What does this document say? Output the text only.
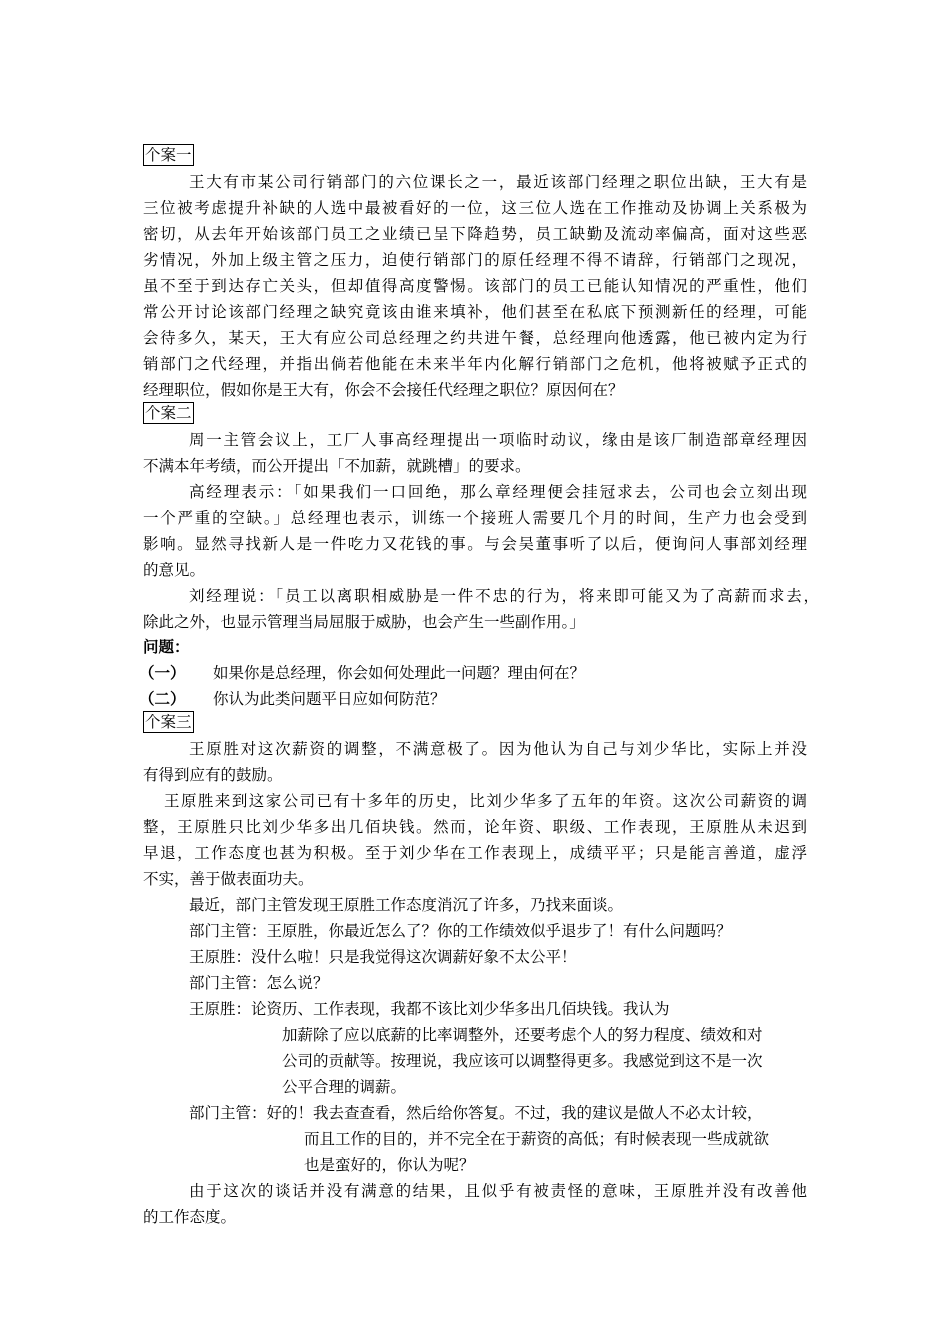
个案一
王大有市某公司行销部门的六位课长之一，最近该部门经理之职位出缺，王大有是
三位被考虑提升补缺的人选中最被看好的一位，这三位人选在工作推动及协调上关系极为
密切，从去年开始该部门员工之业绩已呈下降趋势，员工缺勤及流动率偏高，面对这些恶
劣情况，外加上级主管之压力，迫使行销部门的原任经理不得不请辞，行销部门之现况，
虽不至于到达存亡关头，但却值得高度警惕。该部门的员工已能认知情况的严重性，他们
常公开讨论该部门经理之缺究竟该由谁来填补，他们甚至在私底下预测新任的经理，可能
会待多久，某天，王大有应公司总经理之约共进午餐，总经理向他透露，他已被内定为行
销部门之代经理，并指出倘若他能在未来半年内化解行销部门之危机，他将被赋予正式的
经理职位，假如你是王大有，你会不会接任代经理之职位？原因何在？
个案二
周一主管会议上，工厂人事高经理提出一项临时动议，缘由是该厂制造部章经理因
不满本年考绩，而公开提出「不加薪，就跳槽」的要求。
高经理表示：「如果我们一口回绝，那么章经理便会挂冠求去，公司也会立刻出现
一个严重的空缺。」总经理也表示，训练一个接班人需要几个月的时间，生产力也会受到
影响。显然寻找新人是一件吃力又花钱的事。与会吴董事听了以后，便询问人事部刘经理
的意见。
刘经理说：「员工以离职相威胁是一件不忠的行为，将来即可能又为了高薪而求去，
除此之外，也显示管理当局屈服于威胁，也会产生一些副作用。」
问题：
（一） 如果你是总经理，你会如何处理此一问题？理由何在？
（二） 你认为此类问题平日应如何防范？
个案三
王原胜对这次薪资的调整，不满意极了。因为他认为自己与刘少华比，实际上并没
有得到应有的鼓励。
王原胜来到这家公司已有十多年的历史，比刘少华多了五年的年资。这次公司薪资的调
整，王原胜只比刘少华多出几佰块钱。然而，论年资、职级、工作表现，王原胜从未迟到
早退，工作态度也甚为积极。至于刘少华在工作表现上，成绩平平；只是能言善道，虚浮
不实，善于做表面功夫。
最近，部门主管发现王原胜工作态度消沉了许多，乃找来面谈。
部门主管：王原胜，你最近怎么了？你的工作绩效似乎退步了！有什么问题吗？
王原胜：没什么啦！只是我觉得这次调薪好象不太公平！
部门主管：怎么说？
王原胜：论资历、工作表现，我都不该比刘少华多出几佰块钱。我认为
加薪除了应以底薪的比率调整外，还要考虑个人的努力程度、绩效和对
公司的贡献等。按理说，我应该可以调整得更多。我感觉到这不是一次
公平合理的调薪。
部门主管：好的！我去查查看，然后给你答复。不过，我的建议是做人不必太计较，
而且工作的目的，并不完全在于薪资的高低；有时候表现一些成就欲
也是蛮好的，你认为呢？
由于这次的谈话并没有满意的结果，且似乎有被责怪的意味，王原胜并没有改善他
的工作态度。
